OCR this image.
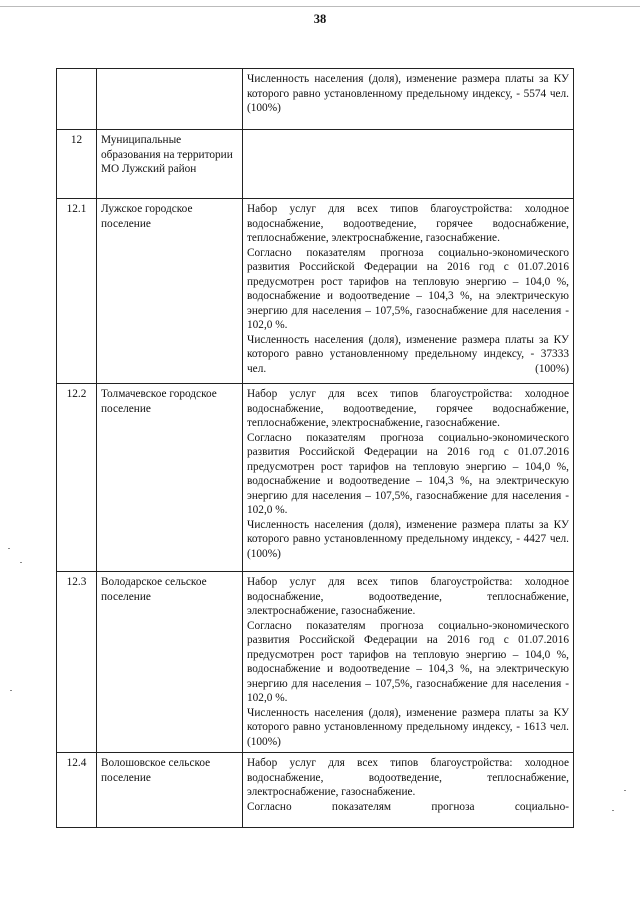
38

		Численность населения (доля), изменение размера платы за КУ которого равно установленному предельному индексу, - 5574 чел. (100%)

12	Муниципальные образования на территории МО Лужский район	
12.1	Лужское городское поселение	Набор услуг для всех типов благоустройства: холодное водоснабжение, водоотведение, горячее водоснабжение, теплоснабжение, электроснабжение, газоснабжение.
Согласно показателям прогноза социально-экономического развития Российской Федерации на 2016 год с 01.07.2016 предусмотрен рост тарифов на тепловую энергию – 104,0 %, водоснабжение и водоотведение – 104,3 %, на электрическую энергию для населения – 107,5%, газоснабжение для населения - 102,0 %.
Численность населения (доля), изменение размера платы за КУ которого равно установленному предельному индексу, - 37333 чел. (100%)

12.2	Толмачевское городское поселение	Набор услуг для всех типов благоустройства: холодное водоснабжение, водоотведение, горячее водоснабжение, теплоснабжение, электроснабжение, газоснабжение.
Согласно показателям прогноза социально-экономического развития Российской Федерации на 2016 год с 01.07.2016 предусмотрен рост тарифов на тепловую энергию – 104,0 %, водоснабжение и водоотведение – 104,3 %, на электрическую энергию для населения – 107,5%, газоснабжение для населения - 102,0 %.
Численность населения (доля), изменение размера платы за КУ которого равно установленному предельному индексу, - 4427 чел. (100%)

12.3	Володарское сельское поселение	Набор услуг для всех типов благоустройства: холодное водоснабжение, водоотведение, теплоснабжение, электроснабжение, газоснабжение.
Согласно показателям прогноза социально-экономического развития Российской Федерации на 2016 год с 01.07.2016 предусмотрен рост тарифов на тепловую энергию – 104,0 %, водоснабжение и водоотведение – 104,3 %, на электрическую энергию для населения – 107,5%, газоснабжение для населения - 102,0 %.
Численность населения (доля), изменение размера платы за КУ которого равно установленному предельному индексу, - 1613 чел. (100%)

12.4	Волошовское сельское поселение	Набор услуг для всех типов благоустройства: холодное водоснабжение, водоотведение, теплоснабжение, электроснабжение, газоснабжение.
Согласно показателям прогноза социально-
